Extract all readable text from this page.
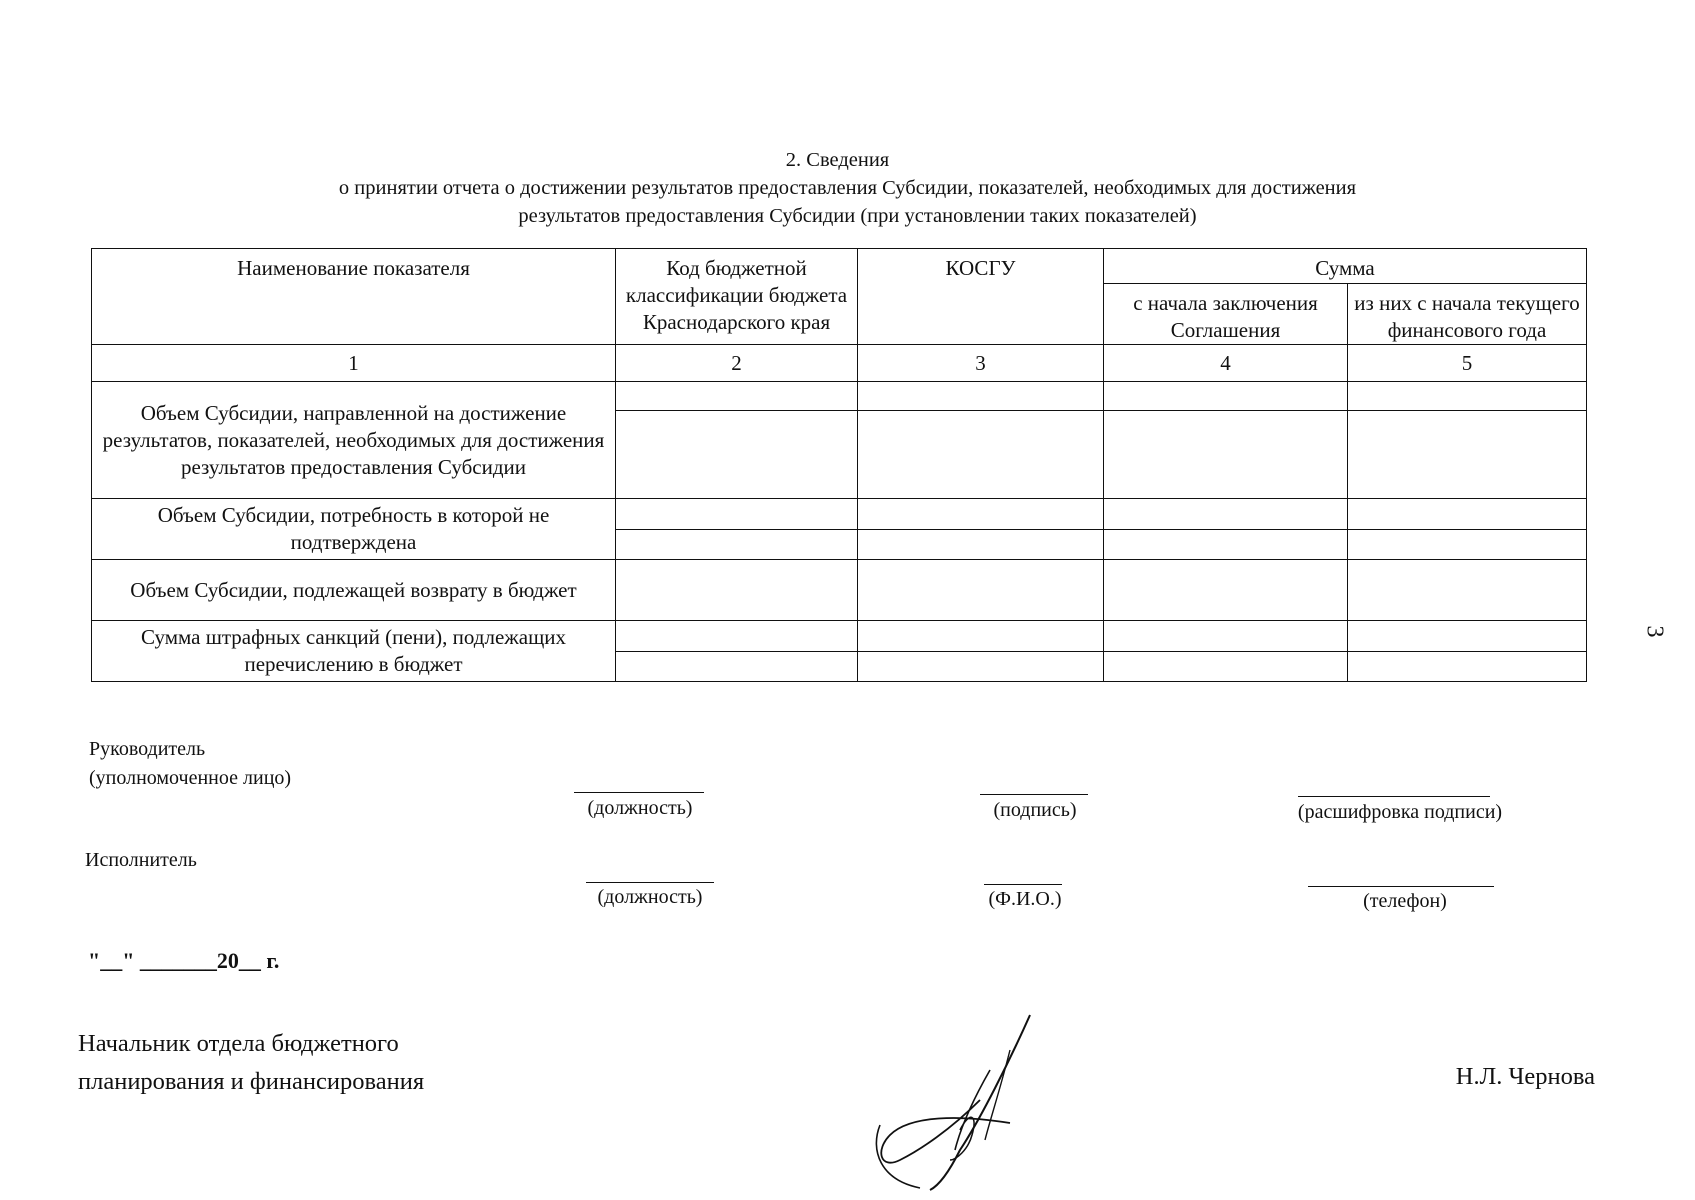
2. Сведения
о принятии отчета о достижении результатов предоставления Субсидии, показателей, необходимых для достижения
результатов предоставления Субсидии (при установлении таких показателей)
Наименование показателя	Код бюджетной классификации бюджета Краснодарского края	КОСГУ	Сумма	
			с начала заключения Соглашения	из них с начала текущего финансового года
1	2	3	4	5
Объем Субсидии, направленной на достижение результатов, показателей, необходимых для достижения результатов предоставления Субсидии	

Объем Субсидии, потребность в которой не подтверждена	

Объем Субсидии, подлежащей возврату в бюджет				
Сумма штрафных санкций (пени), подлежащих перечислению в бюджет	

Руководитель
(уполномоченное лицо)
(должность)	(подпись)	(расшифровка подписи)
Исполнитель
(должность)	(Ф.И.О.)	(телефон)
"__" _______20__ г.
Начальник отдела бюджетного
планирования и финансирования	Н.Л. Чернова
3
